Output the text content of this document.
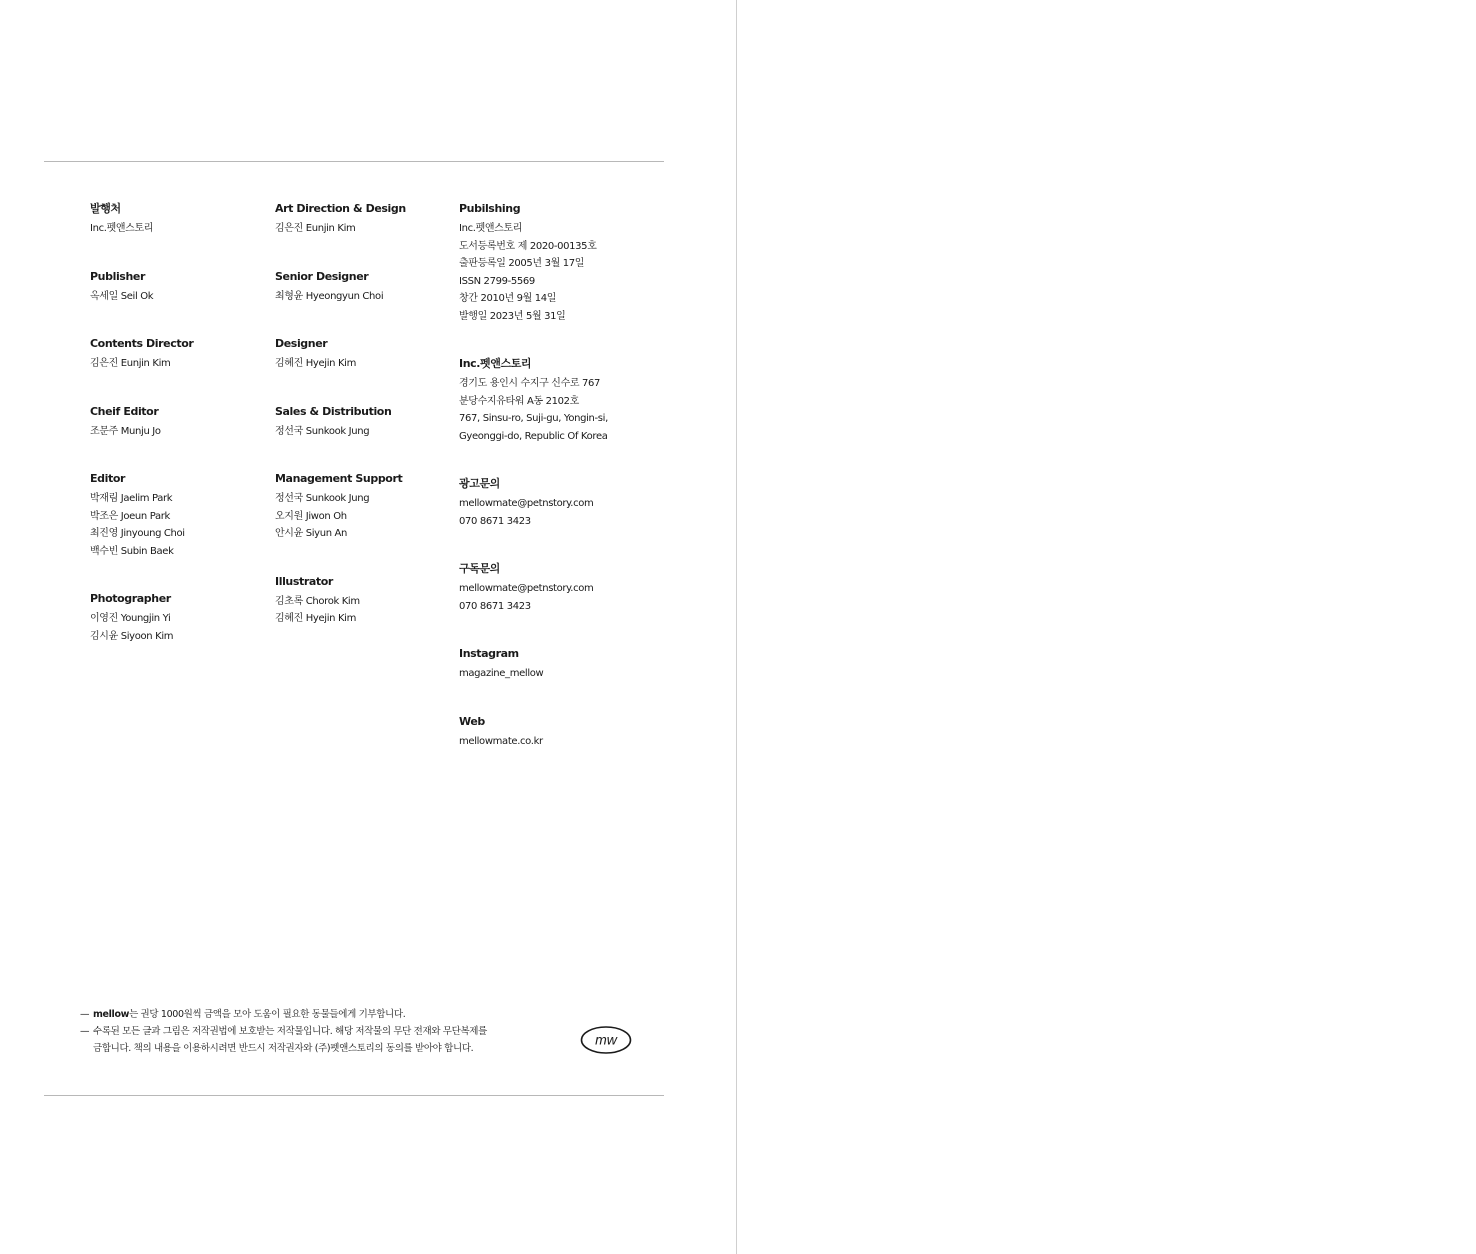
발행처
Inc.펫앤스토리
Publisher
옥세일 Seil Ok
Contents Director
김은진 Eunjin Kim
Cheif Editor
조문주 Munju Jo
Editor
박재림 Jaelim Park
박조은 Joeun Park
최진영 Jinyoung Choi
백수빈 Subin Baek
Photographer
이영진 Youngjin Yi
김시윤 Siyoon Kim
Art Direction & Design
김은진 Eunjin Kim
Senior Designer
최형윤 Hyeongyun Choi
Designer
김혜진 Hyejin Kim
Sales & Distribution
정선국 Sunkook Jung
Management Support
정선국 Sunkook Jung
오지원 Jiwon Oh
안시윤 Siyun An
Illustrator
김초록 Chorok Kim
김혜진 Hyejin Kim
Pubilshing
Inc.펫앤스토리
도서등록번호 제 2020-00135호
출판등록일 2005년 3월 17일
ISSN 2799-5569
창간 2010년 9월 14일
발행일 2023년 5월 31일
Inc.펫앤스토리
경기도 용인시 수지구 신수로 767
분당수지유타워 A동 2102호
767, Sinsu-ro, Suji-gu, Yongin-si,
Gyeonggi-do, Republic Of Korea
광고문의
mellowmate@petnstory.com
070 8671 3423
구독문의
mellowmate@petnstory.com
070 8671 3423
Instagram
magazine_mellow
Web
mellowmate.co.kr
— mellow는 권당 1000원씩 금액을 모아 도움이 필요한 동물들에게 기부합니다.
— 수록된 모든 글과 그림은 저작권법에 보호받는 저작물입니다. 해당 저작물의 무단 전재와 무단복제를
금합니다. 책의 내용을 이용하시려면 반드시 저작권자와 (주)펫앤스토리의 동의를 받아야 합니다.
mw
